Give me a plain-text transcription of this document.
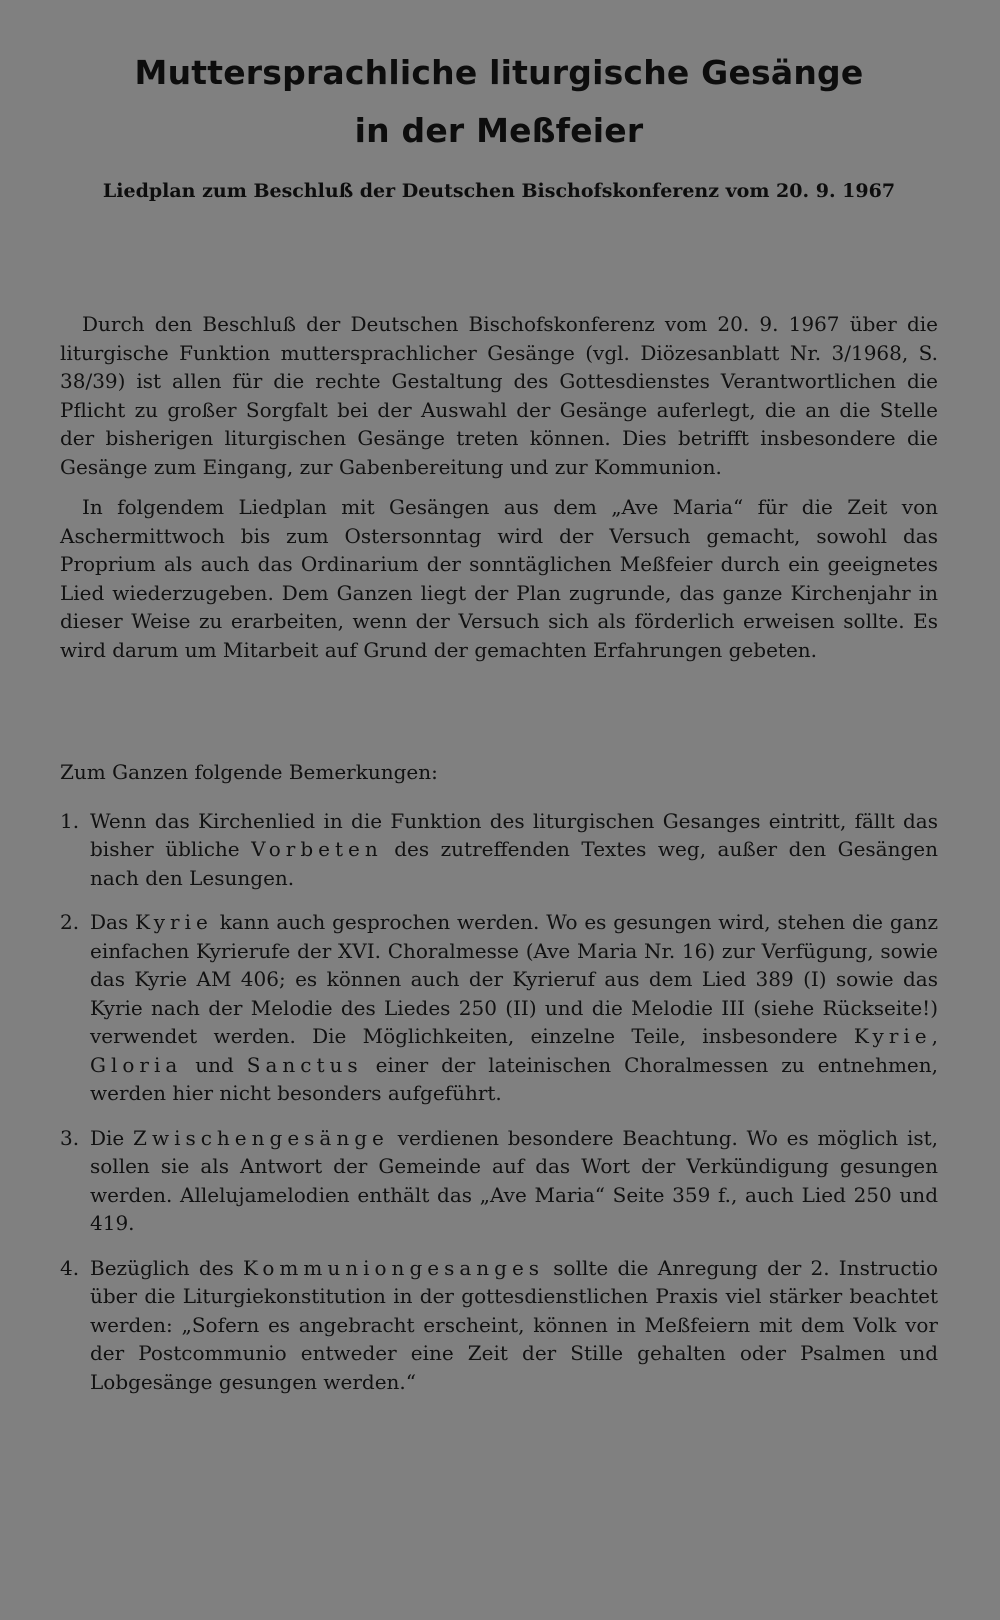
Muttersprachliche liturgische Gesänge
in der Meßfeier
Liedplan zum Beschluß der Deutschen Bischofskonferenz vom 20. 9. 1967

Durch den Beschluß der Deutschen Bischofskonferenz vom 20. 9. 1967 über die liturgische Funktion muttersprachlicher Gesänge (vgl. Diözesanblatt Nr. 3/1968, S. 38/39) ist allen für die rechte Gestaltung des Gottesdienstes Verantwortlichen die Pflicht zu großer Sorgfalt bei der Auswahl der Gesänge auferlegt, die an die Stelle der bisherigen liturgischen Gesänge treten können. Dies betrifft insbesondere die Gesänge zum Eingang, zur Gabenbereitung und zur Kommunion.

In folgendem Liedplan mit Gesängen aus dem „Ave Maria“ für die Zeit von Aschermittwoch bis zum Ostersonntag wird der Versuch gemacht, sowohl das Proprium als auch das Ordinarium der sonntäglichen Meßfeier durch ein geeignetes Lied wiederzugeben. Dem Ganzen liegt der Plan zugrunde, das ganze Kirchenjahr in dieser Weise zu erarbeiten, wenn der Versuch sich als förderlich erweisen sollte. Es wird darum um Mitarbeit auf Grund der gemachten Erfahrungen gebeten.

Zum Ganzen folgende Bemerkungen:
1. Wenn das Kirchenlied in die Funktion des liturgischen Gesanges eintritt, fällt das bisher übliche Vorbeten des zutreffenden Textes weg, außer den Gesängen nach den Lesungen.
2. Das Kyrie kann auch gesprochen werden. Wo es gesungen wird, stehen die ganz einfachen Kyrierufe der XVI. Choralmesse (Ave Maria Nr. 16) zur Verfügung, sowie das Kyrie AM 406; es können auch der Kyrieruf aus dem Lied 389 (I) sowie das Kyrie nach der Melodie des Liedes 250 (II) und die Melodie III (siehe Rückseite!) verwendet werden. Die Möglichkeiten, einzelne Teile, insbesondere Kyrie, Gloria und Sanctus einer der lateinischen Choralmessen zu entnehmen, werden hier nicht besonders aufgeführt.
3. Die Zwischengesänge verdienen besondere Beachtung. Wo es möglich ist, sollen sie als Antwort der Gemeinde auf das Wort der Verkündigung gesungen werden. Allelujamelodien enthält das „Ave Maria“ Seite 359 f., auch Lied 250 und 419.
4. Bezüglich des Kommuniongesanges sollte die Anregung der 2. Instructio über die Liturgiekonstitution in der gottesdienstlichen Praxis viel stärker beachtet werden: „Sofern es angebracht erscheint, können in Meßfeiern mit dem Volk vor der Postcommunio entweder eine Zeit der Stille gehalten oder Psalmen und Lobgesänge gesungen werden.“
